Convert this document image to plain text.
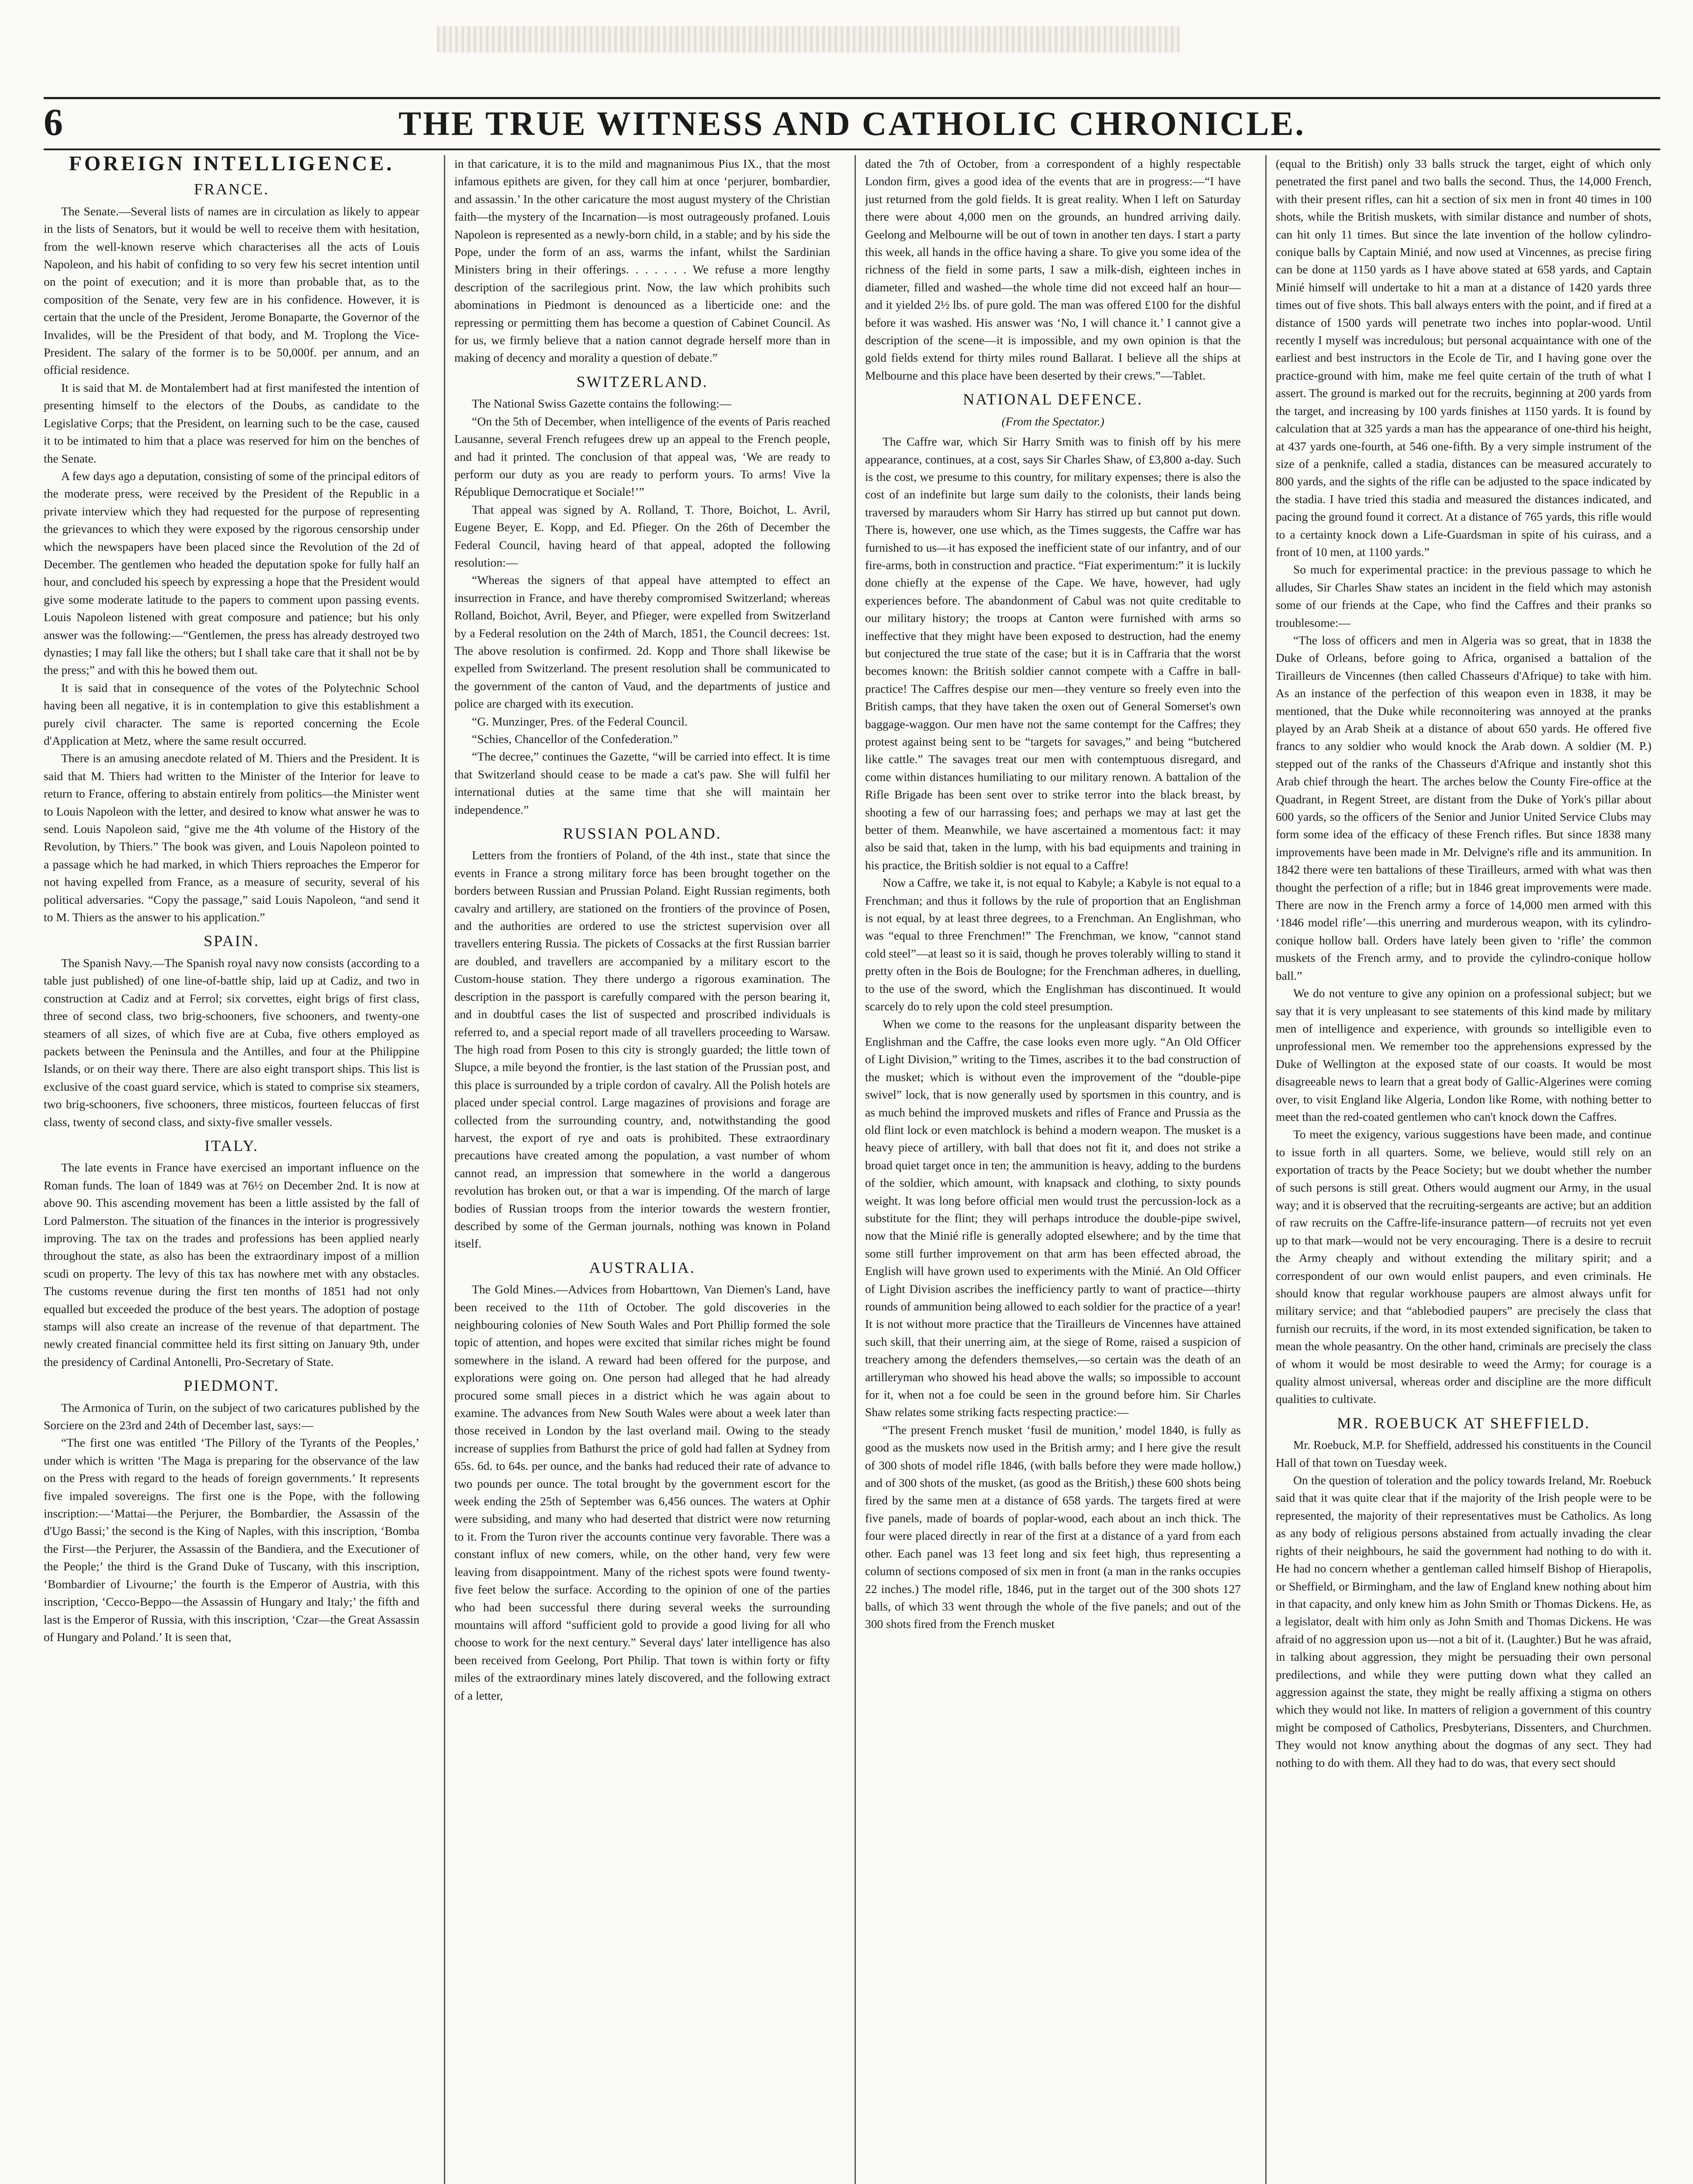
6	THE TRUE WITNESS AND CATHOLIC CHRONICLE.
FOREIGN INTELLIGENCE.
FRANCE.

The Senate.—Several lists of names are in circulation as likely to appear in the lists of Senators, but it would be well to receive them with hesitation, from the well-known reserve which characterises all the acts of Louis Napoleon, and his habit of confiding to so very few his secret intention until on the point of execution; and it is more than probable that, as to the composition of the Senate, very few are in his confidence. However, it is certain that the uncle of the President, Jerome Bonaparte, the Governor of the Invalides, will be the President of that body, and M. Troplong the Vice-President. The salary of the former is to be 50,000f. per annum, and an official residence.

It is said that M. de Montalembert had at first manifested the intention of presenting himself to the electors of the Doubs, as candidate to the Legislative Corps; that the President, on learning such to be the case, caused it to be intimated to him that a place was reserved for him on the benches of the Senate.

A few days ago a deputation, consisting of some of the principal editors of the moderate press, were received by the President of the Republic in a private interview which they had requested for the purpose of representing the grievances to which they were exposed by the rigorous censorship under which the newspapers have been placed since the Revolution of the 2d of December. The gentlemen who headed the deputation spoke for fully half an hour, and concluded his speech by expressing a hope that the President would give some moderate latitude to the papers to comment upon passing events. Louis Napoleon listened with great composure and patience; but his only answer was the following:—“Gentlemen, the press has already destroyed two dynasties; I may fall like the others; but I shall take care that it shall not be by the press;” and with this he bowed them out.

It is said that in consequence of the votes of the Polytechnic School having been all negative, it is in contemplation to give this establishment a purely civil character. The same is reported concerning the Ecole d'Application at Metz, where the same result occurred.

There is an amusing anecdote related of M. Thiers and the President. It is said that M. Thiers had written to the Minister of the Interior for leave to return to France, offering to abstain entirely from politics—the Minister went to Louis Napoleon with the letter, and desired to know what answer he was to send. Louis Napoleon said, “give me the 4th volume of the History of the Revolution, by Thiers.” The book was given, and Louis Napoleon pointed to a passage which he had marked, in which Thiers reproaches the Emperor for not having expelled from France, as a measure of security, several of his political adversaries. “Copy the passage,” said Louis Napoleon, “and send it to M. Thiers as the answer to his application.”

SPAIN.

The Spanish Navy.—The Spanish royal navy now consists (according to a table just published) of one line-of-battle ship, laid up at Cadiz, and two in construction at Cadiz and at Ferrol; six corvettes, eight brigs of first class, three of second class, two brig-schooners, five schooners, and twenty-one steamers of all sizes, of which five are at Cuba, five others employed as packets between the Peninsula and the Antilles, and four at the Philippine Islands, or on their way there. There are also eight transport ships. This list is exclusive of the coast guard service, which is stated to comprise six steamers, two brig-schooners, five schooners, three misticos, fourteen feluccas of first class, twenty of second class, and sixty-five smaller vessels.

ITALY.

The late events in France have exercised an important influence on the Roman funds. The loan of 1849 was at 76½ on December 2nd. It is now at above 90. This ascending movement has been a little assisted by the fall of Lord Palmerston. The situation of the finances in the interior is progressively improving. The tax on the trades and professions has been applied nearly throughout the state, as also has been the extraordinary impost of a million scudi on property. The levy of this tax has nowhere met with any obstacles. The customs revenue during the first ten months of 1851 had not only equalled but exceeded the produce of the best years. The adoption of postage stamps will also create an increase of the revenue of that department. The newly created financial committee held its first sitting on January 9th, under the presidency of Cardinal Antonelli, Pro-Secretary of State.

PIEDMONT.

The Armonica of Turin, on the subject of two caricatures published by the Sorciere on the 23rd and 24th of December last, says:—

“The first one was entitled ‘The Pillory of the Tyrants of the Peoples,’ under which is written ‘The Maga is preparing for the observance of the law on the Press with regard to the heads of foreign governments.’ It represents five impaled sovereigns. The first one is the Pope, with the following inscription:—‘Mattai—the Perjurer, the Bombardier, the Assassin of the d'Ugo Bassi;’ the second is the King of Naples, with this inscription, ‘Bomba the First—the Perjurer, the Assassin of the Bandiera, and the Executioner of the People;’ the third is the Grand Duke of Tuscany, with this inscription, ‘Bombardier of Livourne;’ the fourth is the Emperor of Austria, with this inscription, ‘Cecco-Beppo—the Assassin of Hungary and Italy;’ the fifth and last is the Emperor of Russia, with this inscription, ‘Czar—the Great Assassin of Hungary and Poland.’ It is seen that,

in that caricature, it is to the mild and magnanimous Pius IX., that the most infamous epithets are given, for they call him at once ‘perjurer, bombardier, and assassin.’ In the other caricature the most august mystery of the Christian faith—the mystery of the Incarnation—is most outrageously profaned. Louis Napoleon is represented as a newly-born child, in a stable; and by his side the Pope, under the form of an ass, warms the infant, whilst the Sardinian Ministers bring in their offerings. . . . . . . We refuse a more lengthy description of the sacrilegious print. Now, the law which prohibits such abominations in Piedmont is denounced as a liberticide one: and the repressing or permitting them has become a question of Cabinet Council. As for us, we firmly believe that a nation cannot degrade herself more than in making of decency and morality a question of debate.”

SWITZERLAND.

The National Swiss Gazette contains the following:—

“On the 5th of December, when intelligence of the events of Paris reached Lausanne, several French refugees drew up an appeal to the French people, and had it printed. The conclusion of that appeal was, ‘We are ready to perform our duty as you are ready to perform yours. To arms! Vive la République Democratique et Sociale!’”

That appeal was signed by A. Rolland, T. Thore, Boichot, L. Avril, Eugene Beyer, E. Kopp, and Ed. Pfieger. On the 26th of December the Federal Council, having heard of that appeal, adopted the following resolution:—

“Whereas the signers of that appeal have attempted to effect an insurrection in France, and have thereby compromised Switzerland; whereas Rolland, Boichot, Avril, Beyer, and Pfieger, were expelled from Switzerland by a Federal resolution on the 24th of March, 1851, the Council decrees: 1st. The above resolution is confirmed. 2d. Kopp and Thore shall likewise be expelled from Switzerland. The present resolution shall be communicated to the government of the canton of Vaud, and the departments of justice and police are charged with its execution.

“G. Munzinger, Pres. of the Federal Council.

“Schies, Chancellor of the Confederation.”

“The decree,” continues the Gazette, “will be carried into effect. It is time that Switzerland should cease to be made a cat's paw. She will fulfil her international duties at the same time that she will maintain her independence.”

RUSSIAN POLAND.

Letters from the frontiers of Poland, of the 4th inst., state that since the events in France a strong military force has been brought together on the borders between Russian and Prussian Poland. Eight Russian regiments, both cavalry and artillery, are stationed on the frontiers of the province of Posen, and the authorities are ordered to use the strictest supervision over all travellers entering Russia. The pickets of Cossacks at the first Russian barrier are doubled, and travellers are accompanied by a military escort to the Custom-house station. They there undergo a rigorous examination. The description in the passport is carefully compared with the person bearing it, and in doubtful cases the list of suspected and proscribed individuals is referred to, and a special report made of all travellers proceeding to Warsaw. The high road from Posen to this city is strongly guarded; the little town of Slupce, a mile beyond the frontier, is the last station of the Prussian post, and this place is surrounded by a triple cordon of cavalry. All the Polish hotels are placed under special control. Large magazines of provisions and forage are collected from the surrounding country, and, notwithstanding the good harvest, the export of rye and oats is prohibited. These extraordinary precautions have created among the population, a vast number of whom cannot read, an impression that somewhere in the world a dangerous revolution has broken out, or that a war is impending. Of the march of large bodies of Russian troops from the interior towards the western frontier, described by some of the German journals, nothing was known in Poland itself.

AUSTRALIA.

The Gold Mines.—Advices from Hobarttown, Van Diemen's Land, have been received to the 11th of October. The gold discoveries in the neighbouring colonies of New South Wales and Port Phillip formed the sole topic of attention, and hopes were excited that similar riches might be found somewhere in the island. A reward had been offered for the purpose, and explorations were going on. One person had alleged that he had already procured some small pieces in a district which he was again about to examine. The advances from New South Wales were about a week later than those received in London by the last overland mail. Owing to the steady increase of supplies from Bathurst the price of gold had fallen at Sydney from 65s. 6d. to 64s. per ounce, and the banks had reduced their rate of advance to two pounds per ounce. The total brought by the government escort for the week ending the 25th of September was 6,456 ounces. The waters at Ophir were subsiding, and many who had deserted that district were now returning to it. From the Turon river the accounts continue very favorable. There was a constant influx of new comers, while, on the other hand, very few were leaving from disappointment. Many of the richest spots were found twenty-five feet below the surface. According to the opinion of one of the parties who had been successful there during several weeks the surrounding mountains will afford “sufficient gold to provide a good living for all who choose to work for the next century.” Several days' later intelligence has also been received from Geelong, Port Philip. That town is within forty or fifty miles of the extraordinary mines lately discovered, and the following extract of a letter,

dated the 7th of October, from a correspondent of a highly respectable London firm, gives a good idea of the events that are in progress:—“I have just returned from the gold fields. It is great reality. When I left on Saturday there were about 4,000 men on the grounds, an hundred arriving daily. Geelong and Melbourne will be out of town in another ten days. I start a party this week, all hands in the office having a share. To give you some idea of the richness of the field in some parts, I saw a milk-dish, eighteen inches in diameter, filled and washed—the whole time did not exceed half an hour—and it yielded 2½ lbs. of pure gold. The man was offered £100 for the dishful before it was washed. His answer was ‘No, I will chance it.’ I cannot give a description of the scene—it is impossible, and my own opinion is that the gold fields extend for thirty miles round Ballarat. I believe all the ships at Melbourne and this place have been deserted by their crews.”—Tablet.

NATIONAL DEFENCE.
(From the Spectator.)

The Caffre war, which Sir Harry Smith was to finish off by his mere appearance, continues, at a cost, says Sir Charles Shaw, of £3,800 a-day. Such is the cost, we presume to this country, for military expenses; there is also the cost of an indefinite but large sum daily to the colonists, their lands being traversed by marauders whom Sir Harry has stirred up but cannot put down. There is, however, one use which, as the Times suggests, the Caffre war has furnished to us—it has exposed the inefficient state of our infantry, and of our fire-arms, both in construction and practice. “Fiat experimentum:” it is luckily done chiefly at the expense of the Cape. We have, however, had ugly experiences before. The abandonment of Cabul was not quite creditable to our military history; the troops at Canton were furnished with arms so ineffective that they might have been exposed to destruction, had the enemy but conjectured the true state of the case; but it is in Caffraria that the worst becomes known: the British soldier cannot compete with a Caffre in ball-practice! The Caffres despise our men—they venture so freely even into the British camps, that they have taken the oxen out of General Somerset's own baggage-waggon. Our men have not the same contempt for the Caffres; they protest against being sent to be “targets for savages,” and being “butchered like cattle.” The savages treat our men with contemptuous disregard, and come within distances humiliating to our military renown. A battalion of the Rifle Brigade has been sent over to strike terror into the black breast, by shooting a few of our harrassing foes; and perhaps we may at last get the better of them. Meanwhile, we have ascertained a momentous fact: it may also be said that, taken in the lump, with his bad equipments and training in his practice, the British soldier is not equal to a Caffre!

Now a Caffre, we take it, is not equal to Kabyle; a Kabyle is not equal to a Frenchman; and thus it follows by the rule of proportion that an Englishman is not equal, by at least three degrees, to a Frenchman. An Englishman, who was “equal to three Frenchmen!” The Frenchman, we know, “cannot stand cold steel”—at least so it is said, though he proves tolerably willing to stand it pretty often in the Bois de Boulogne; for the Frenchman adheres, in duelling, to the use of the sword, which the Englishman has discontinued. It would scarcely do to rely upon the cold steel presumption.

When we come to the reasons for the unpleasant disparity between the Englishman and the Caffre, the case looks even more ugly. “An Old Officer of Light Division,” writing to the Times, ascribes it to the bad construction of the musket; which is without even the improvement of the “double-pipe swivel” lock, that is now generally used by sportsmen in this country, and is as much behind the improved muskets and rifles of France and Prussia as the old flint lock or even matchlock is behind a modern weapon. The musket is a heavy piece of artillery, with ball that does not fit it, and does not strike a broad quiet target once in ten; the ammunition is heavy, adding to the burdens of the soldier, which amount, with knapsack and clothing, to sixty pounds weight. It was long before official men would trust the percussion-lock as a substitute for the flint; they will perhaps introduce the double-pipe swivel, now that the Minié rifle is generally adopted elsewhere; and by the time that some still further improvement on that arm has been effected abroad, the English will have grown used to experiments with the Minié. An Old Officer of Light Division ascribes the inefficiency partly to want of practice—thirty rounds of ammunition being allowed to each soldier for the practice of a year! It is not without more practice that the Tirailleurs de Vincennes have attained such skill, that their unerring aim, at the siege of Rome, raised a suspicion of treachery among the defenders themselves,—so certain was the death of an artilleryman who showed his head above the walls; so impossible to account for it, when not a foe could be seen in the ground before him. Sir Charles Shaw relates some striking facts respecting practice:—

“The present French musket ‘fusil de munition,’ model 1840, is fully as good as the muskets now used in the British army; and I here give the result of 300 shots of model rifle 1846, (with balls before they were made hollow,) and of 300 shots of the musket, (as good as the British,) these 600 shots being fired by the same men at a distance of 658 yards. The targets fired at were five panels, made of boards of poplar-wood, each about an inch thick. The four were placed directly in rear of the first at a distance of a yard from each other. Each panel was 13 feet long and six feet high, thus representing a column of sections composed of six men in front (a man in the ranks occupies 22 inches.) The model rifle, 1846, put in the target out of the 300 shots 127 balls, of which 33 went through the whole of the five panels; and out of the 300 shots fired from the French musket

(equal to the British) only 33 balls struck the target, eight of which only penetrated the first panel and two balls the second. Thus, the 14,000 French, with their present rifles, can hit a section of six men in front 40 times in 100 shots, while the British muskets, with similar distance and number of shots, can hit only 11 times. But since the late invention of the hollow cylindro-conique balls by Captain Minié, and now used at Vincennes, as precise firing can be done at 1150 yards as I have above stated at 658 yards, and Captain Minié himself will undertake to hit a man at a distance of 1420 yards three times out of five shots. This ball always enters with the point, and if fired at a distance of 1500 yards will penetrate two inches into poplar-wood. Until recently I myself was incredulous; but personal acquaintance with one of the earliest and best instructors in the Ecole de Tir, and I having gone over the practice-ground with him, make me feel quite certain of the truth of what I assert. The ground is marked out for the recruits, beginning at 200 yards from the target, and increasing by 100 yards finishes at 1150 yards. It is found by calculation that at 325 yards a man has the appearance of one-third his height, at 437 yards one-fourth, at 546 one-fifth. By a very simple instrument of the size of a penknife, called a stadia, distances can be measured accurately to 800 yards, and the sights of the rifle can be adjusted to the space indicated by the stadia. I have tried this stadia and measured the distances indicated, and pacing the ground found it correct. At a distance of 765 yards, this rifle would to a certainty knock down a Life-Guardsman in spite of his cuirass, and a front of 10 men, at 1100 yards.”

So much for experimental practice: in the previous passage to which he alludes, Sir Charles Shaw states an incident in the field which may astonish some of our friends at the Cape, who find the Caffres and their pranks so troublesome:—

“The loss of officers and men in Algeria was so great, that in 1838 the Duke of Orleans, before going to Africa, organised a battalion of the Tirailleurs de Vincennes (then called Chasseurs d'Afrique) to take with him. As an instance of the perfection of this weapon even in 1838, it may be mentioned, that the Duke while reconnoitering was annoyed at the pranks played by an Arab Sheik at a distance of about 650 yards. He offered five francs to any soldier who would knock the Arab down. A soldier (M. P.) stepped out of the ranks of the Chasseurs d'Afrique and instantly shot this Arab chief through the heart. The arches below the County Fire-office at the Quadrant, in Regent Street, are distant from the Duke of York's pillar about 600 yards, so the officers of the Senior and Junior United Service Clubs may form some idea of the efficacy of these French rifles. But since 1838 many improvements have been made in Mr. Delvigne's rifle and its ammunition. In 1842 there were ten battalions of these Tirailleurs, armed with what was then thought the perfection of a rifle; but in 1846 great improvements were made. There are now in the French army a force of 14,000 men armed with this ‘1846 model rifle’—this unerring and murderous weapon, with its cylindro-conique hollow ball. Orders have lately been given to ‘rifle’ the common muskets of the French army, and to provide the cylindro-conique hollow ball.”

We do not venture to give any opinion on a professional subject; but we say that it is very unpleasant to see statements of this kind made by military men of intelligence and experience, with grounds so intelligible even to unprofessional men. We remember too the apprehensions expressed by the Duke of Wellington at the exposed state of our coasts. It would be most disagreeable news to learn that a great body of Gallic-Algerines were coming over, to visit England like Algeria, London like Rome, with nothing better to meet than the red-coated gentlemen who can't knock down the Caffres.

To meet the exigency, various suggestions have been made, and continue to issue forth in all quarters. Some, we believe, would still rely on an exportation of tracts by the Peace Society; but we doubt whether the number of such persons is still great. Others would augment our Army, in the usual way; and it is observed that the recruiting-sergeants are active; but an addition of raw recruits on the Caffre-life-insurance pattern—of recruits not yet even up to that mark—would not be very encouraging. There is a desire to recruit the Army cheaply and without extending the military spirit; and a correspondent of our own would enlist paupers, and even criminals. He should know that regular workhouse paupers are almost always unfit for military service; and that “ablebodied paupers” are precisely the class that furnish our recruits, if the word, in its most extended signification, be taken to mean the whole peasantry. On the other hand, criminals are precisely the class of whom it would be most desirable to weed the Army; for courage is a quality almost universal, whereas order and discipline are the more difficult qualities to cultivate.

MR. ROEBUCK AT SHEFFIELD.

Mr. Roebuck, M.P. for Sheffield, addressed his constituents in the Council Hall of that town on Tuesday week.

On the question of toleration and the policy towards Ireland, Mr. Roebuck said that it was quite clear that if the majority of the Irish people were to be represented, the majority of their representatives must be Catholics. As long as any body of religious persons abstained from actually invading the clear rights of their neighbours, he said the government had nothing to do with it. He had no concern whether a gentleman called himself Bishop of Hierapolis, or Sheffield, or Birmingham, and the law of England knew nothing about him in that capacity, and only knew him as John Smith or Thomas Dickens. He, as a legislator, dealt with him only as John Smith and Thomas Dickens. He was afraid of no aggression upon us—not a bit of it. (Laughter.) But he was afraid, in talking about aggression, they might be persuading their own personal predilections, and while they were putting down what they called an aggression against the state, they might be really affixing a stigma on others which they would not like. In matters of religion a government of this country might be composed of Catholics, Presbyterians, Dissenters, and Churchmen. They would not know anything about the dogmas of any sect. They had nothing to do with them. All they had to do was, that every sect should
